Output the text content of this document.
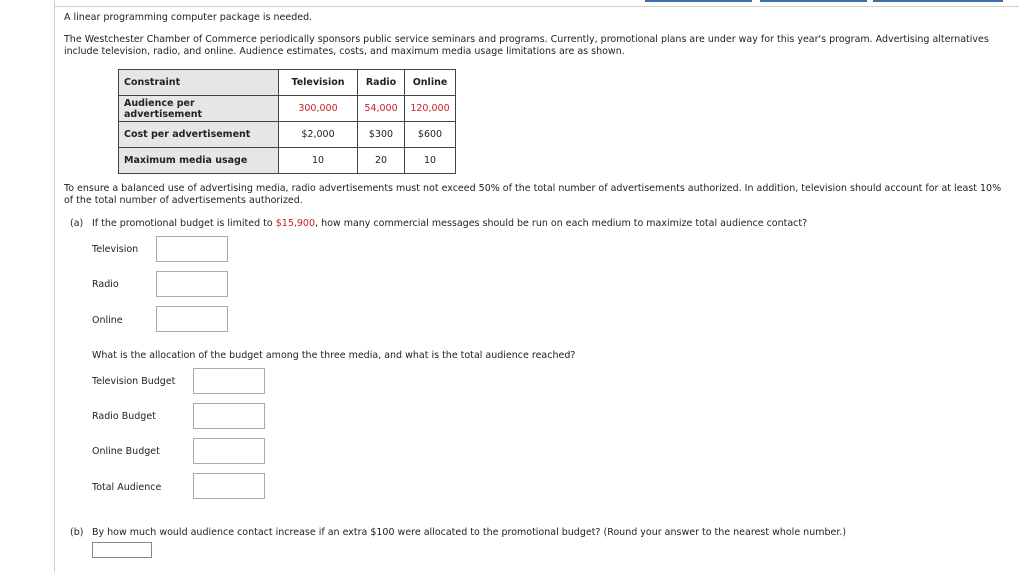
A linear programming computer package is needed.
The Westchester Chamber of Commerce periodically sponsors public service seminars and programs. Currently, promotional plans are under way for this year's program. Advertising alternatives include television, radio, and online. Audience estimates, costs, and maximum media usage limitations are as shown.
Constraint	Television	Radio	Online
Audience per advertisement	300,000	54,000	120,000
Cost per advertisement	$2,000	$300	$600
Maximum media usage	10	20	10
To ensure a balanced use of advertising media, radio advertisements must not exceed 50% of the total number of advertisements authorized. In addition, television should account for at least 10% of the total number of advertisements authorized.
(a) If the promotional budget is limited to $15,900, how many commercial messages should be run on each medium to maximize total audience contact?
Television
Radio
Online
What is the allocation of the budget among the three media, and what is the total audience reached?
Television Budget
Radio Budget
Online Budget
Total Audience
(b) By how much would audience contact increase if an extra $100 were allocated to the promotional budget? (Round your answer to the nearest whole number.)
